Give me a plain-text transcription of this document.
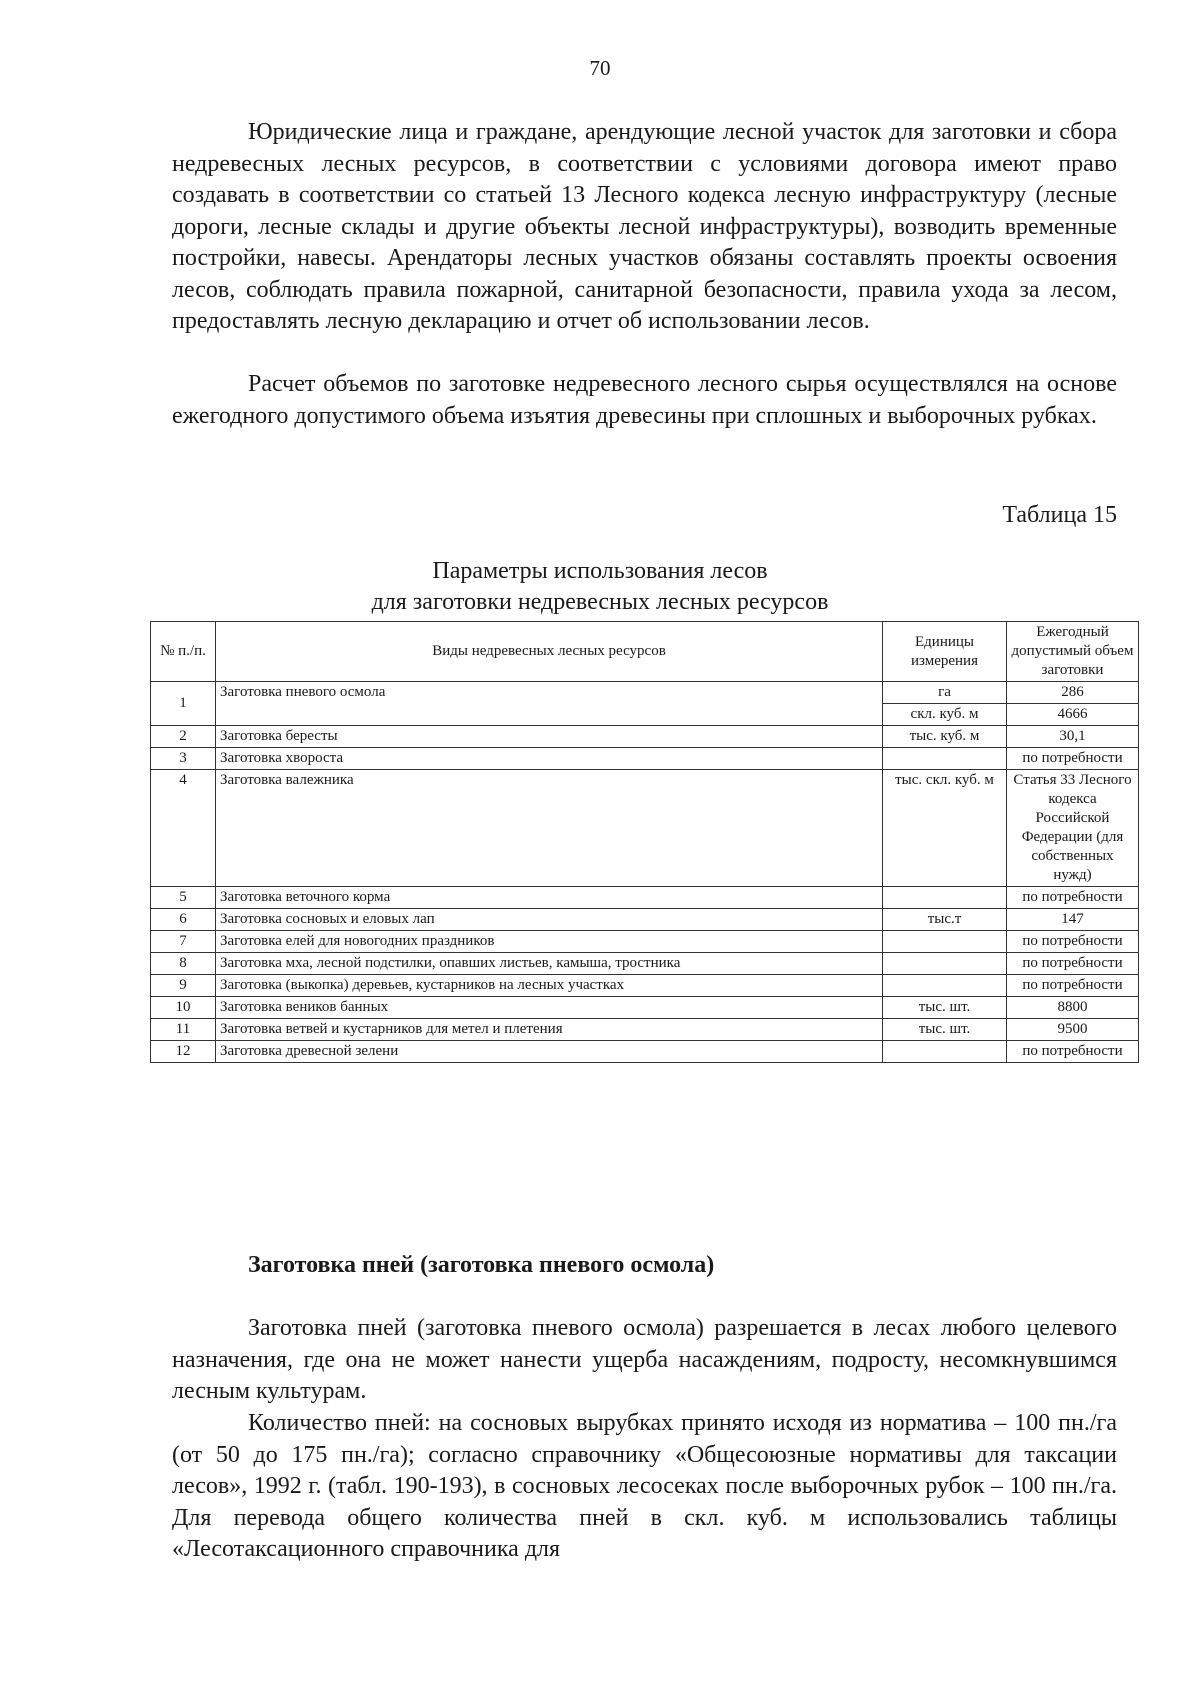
70

Юридические лица и граждане, арендующие лесной участок для заготовки и сбора недревесных лесных ресурсов, в соответствии с условиями договора имеют право создавать в соответствии со статьей 13 Лесного кодекса лесную инфраструктуру (лесные дороги, лесные склады и другие объекты лесной инфраструктуры), возводить временные постройки, навесы. Арендаторы лесных участков обязаны составлять проекты освоения лесов, соблюдать правила пожарной, санитарной безопасности, правила ухода за лесом, предоставлять лесную декларацию и отчет об использовании лесов.

Расчет объемов по заготовке недревесного лесного сырья осуществлялся на основе ежегодного допустимого объема изъятия древесины при сплошных и выборочных рубках.

Таблица 15
Параметры использования лесов
для заготовки недревесных лесных ресурсов
№ п./п.	Виды недревесных лесных ресурсов	Единицы измерения	Ежегодный допустимый объем заготовки
1	Заготовка пневого осмола	га	286
		скл. куб. м	4666
2	Заготовка бересты	тыс. куб. м	30,1
3	Заготовка хвороста		по потребности
4	Заготовка валежника	тыс. скл. куб. м	Статья 33 Лесного кодекса Российской Федерации (для собственных нужд)
5	Заготовка веточного корма		по потребности
6	Заготовка сосновых и еловых лап	тыс.т	147
7	Заготовка елей для новогодних праздников		по потребности
8	Заготовка мха, лесной подстилки, опавших листьев, камыша, тростника		по потребности
9	Заготовка (выкопка) деревьев, кустарников на лесных участках		по потребности
10	Заготовка веников банных	тыс. шт.	8800
11	Заготовка ветвей и кустарников для метел и плетения	тыс. шт.	9500
12	Заготовка древесной зелени		по потребности
Заготовка пней (заготовка пневого осмола)

Заготовка пней (заготовка пневого осмола) разрешается в лесах любого целевого назначения, где она не может нанести ущерба насаждениям, подросту, несомкнувшимся лесным культурам.

Количество пней: на сосновых вырубках принято исходя из норматива – 100 пн./га (от 50 до 175 пн./га); согласно справочнику «Общесоюзные нормативы для таксации лесов», 1992 г. (табл. 190-193), в сосновых лесосеках после выборочных рубок – 100 пн./га. Для перевода общего количества пней в скл. куб. м использовались таблицы «Лесотаксационного справочника для
